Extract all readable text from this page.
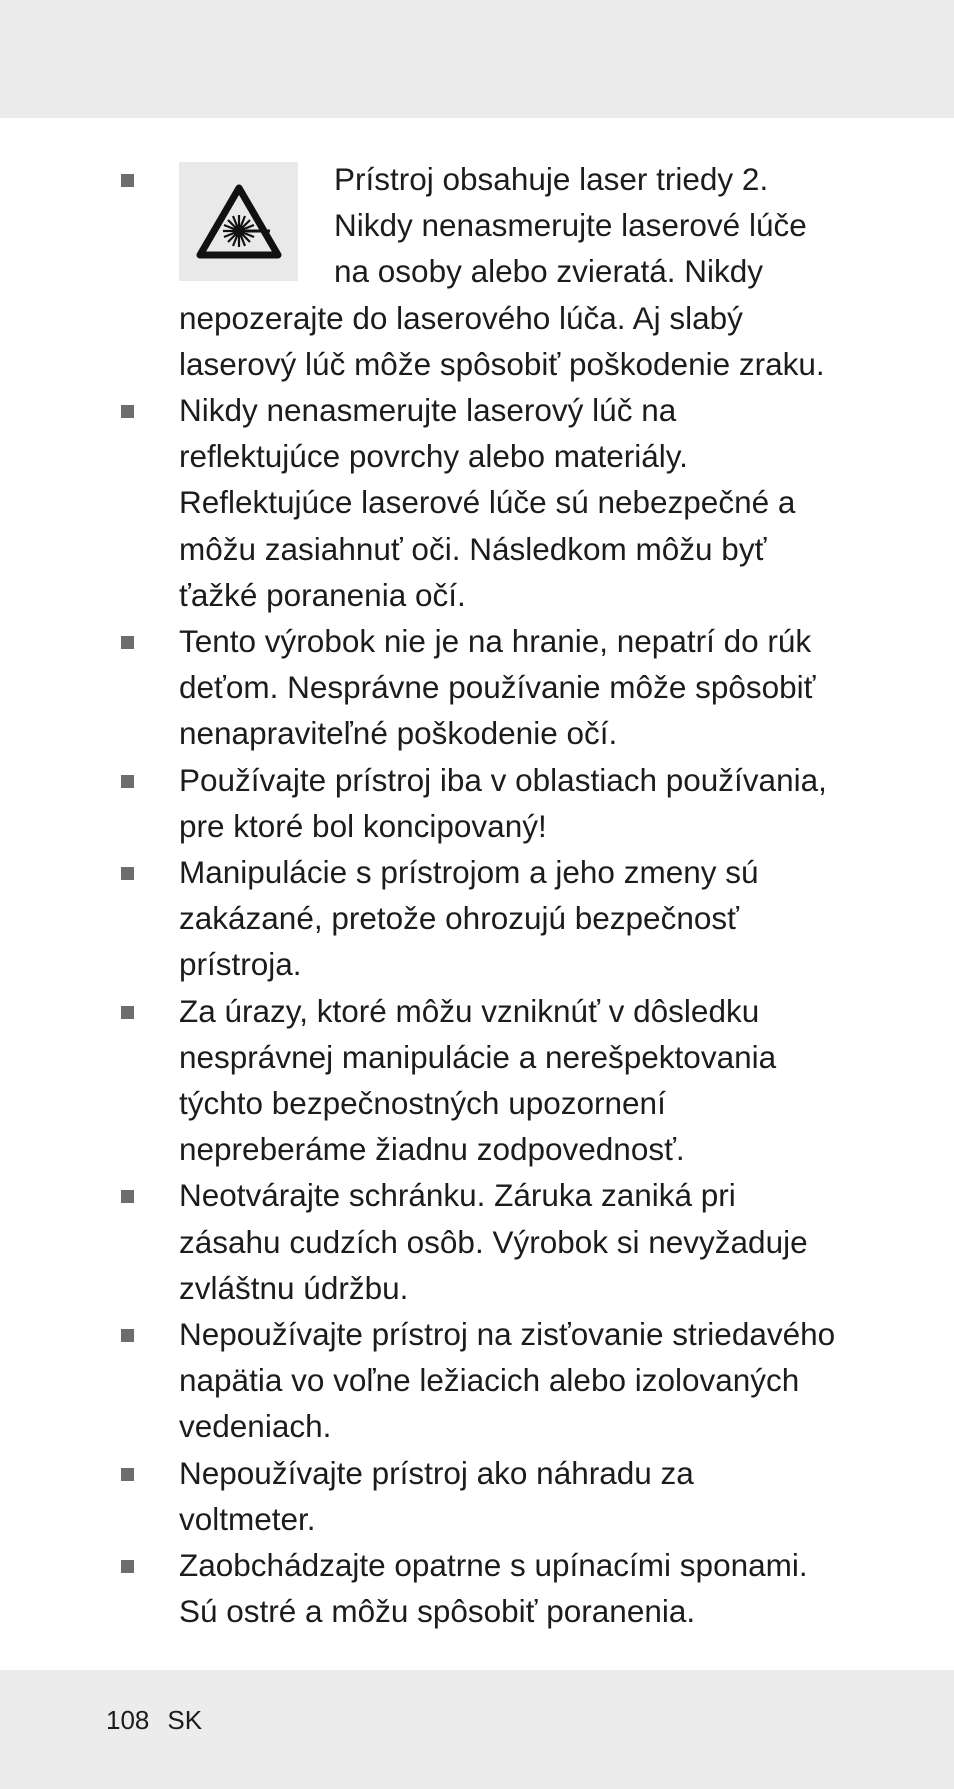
Prístroj obsahuje laser triedy 2. Nikdy nenasmerujte laserové lúče na osoby alebo zvieratá. Nikdy nepozerajte do laserového lúča. Aj slabý laserový lúč môže spôsobiť poškodenie zraku.
Nikdy nenasmerujte laserový lúč na reflektujúce povrchy alebo materiály. Reflektujúce laserové lúče sú nebezpečné a môžu zasiahnuť oči. Následkom môžu byť ťažké poranenia očí.
Tento výrobok nie je na hranie, nepatrí do rúk deťom. Nesprávne používanie môže spôsobiť nenapraviteľné poškodenie očí.
Používajte prístroj iba v oblastiach používania, pre ktoré bol koncipovaný!
Manipulácie s prístrojom a jeho zmeny sú zakázané, pretože ohrozujú bezpečnosť prístroja.
Za úrazy, ktoré môžu vzniknúť v dôsledku nesprávnej manipulácie a nerešpektovania týchto bezpečnostných upozornení nepreberáme žiadnu zodpovednosť.
Neotvárajte schránku. Záruka zaniká pri zásahu cudzích osôb. Výrobok si nevyžaduje zvláštnu údržbu.
Nepoužívajte prístroj na zisťovanie striedavého napätia vo voľne ležiacich alebo izolovaných vedeniach.
Nepoužívajte prístroj ako náhradu za voltmeter.
Zaobchádzajte opatrne s upínacími sponami. Sú ostré a môžu spôsobiť poranenia.
108 SK
